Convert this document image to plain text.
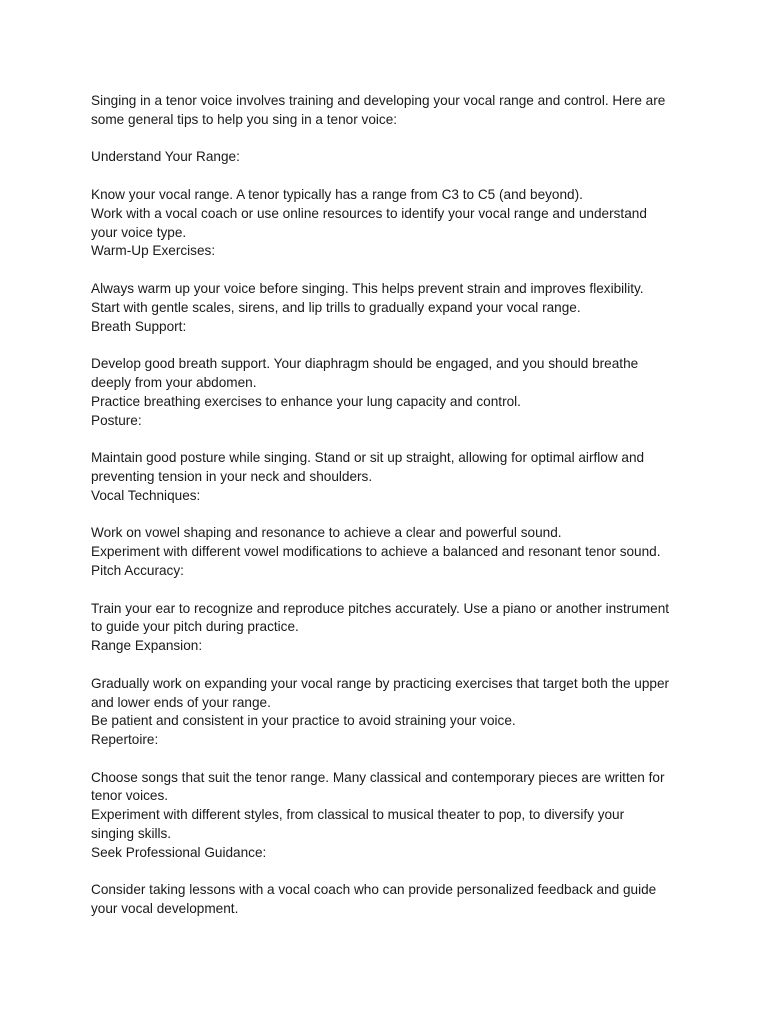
Singing in a tenor voice involves training and developing your vocal range and control. Here are
some general tips to help you sing in a tenor voice:
Understand Your Range:
Know your vocal range. A tenor typically has a range from C3 to C5 (and beyond).
Work with a vocal coach or use online resources to identify your vocal range and understand
your voice type.
Warm-Up Exercises:
Always warm up your voice before singing. This helps prevent strain and improves flexibility.
Start with gentle scales, sirens, and lip trills to gradually expand your vocal range.
Breath Support:
Develop good breath support. Your diaphragm should be engaged, and you should breathe
deeply from your abdomen.
Practice breathing exercises to enhance your lung capacity and control.
Posture:
Maintain good posture while singing. Stand or sit up straight, allowing for optimal airflow and
preventing tension in your neck and shoulders.
Vocal Techniques:
Work on vowel shaping and resonance to achieve a clear and powerful sound.
Experiment with different vowel modifications to achieve a balanced and resonant tenor sound.
Pitch Accuracy:
Train your ear to recognize and reproduce pitches accurately. Use a piano or another instrument
to guide your pitch during practice.
Range Expansion:
Gradually work on expanding your vocal range by practicing exercises that target both the upper
and lower ends of your range.
Be patient and consistent in your practice to avoid straining your voice.
Repertoire:
Choose songs that suit the tenor range. Many classical and contemporary pieces are written for
tenor voices.
Experiment with different styles, from classical to musical theater to pop, to diversify your
singing skills.
Seek Professional Guidance:
Consider taking lessons with a vocal coach who can provide personalized feedback and guide
your vocal development.
